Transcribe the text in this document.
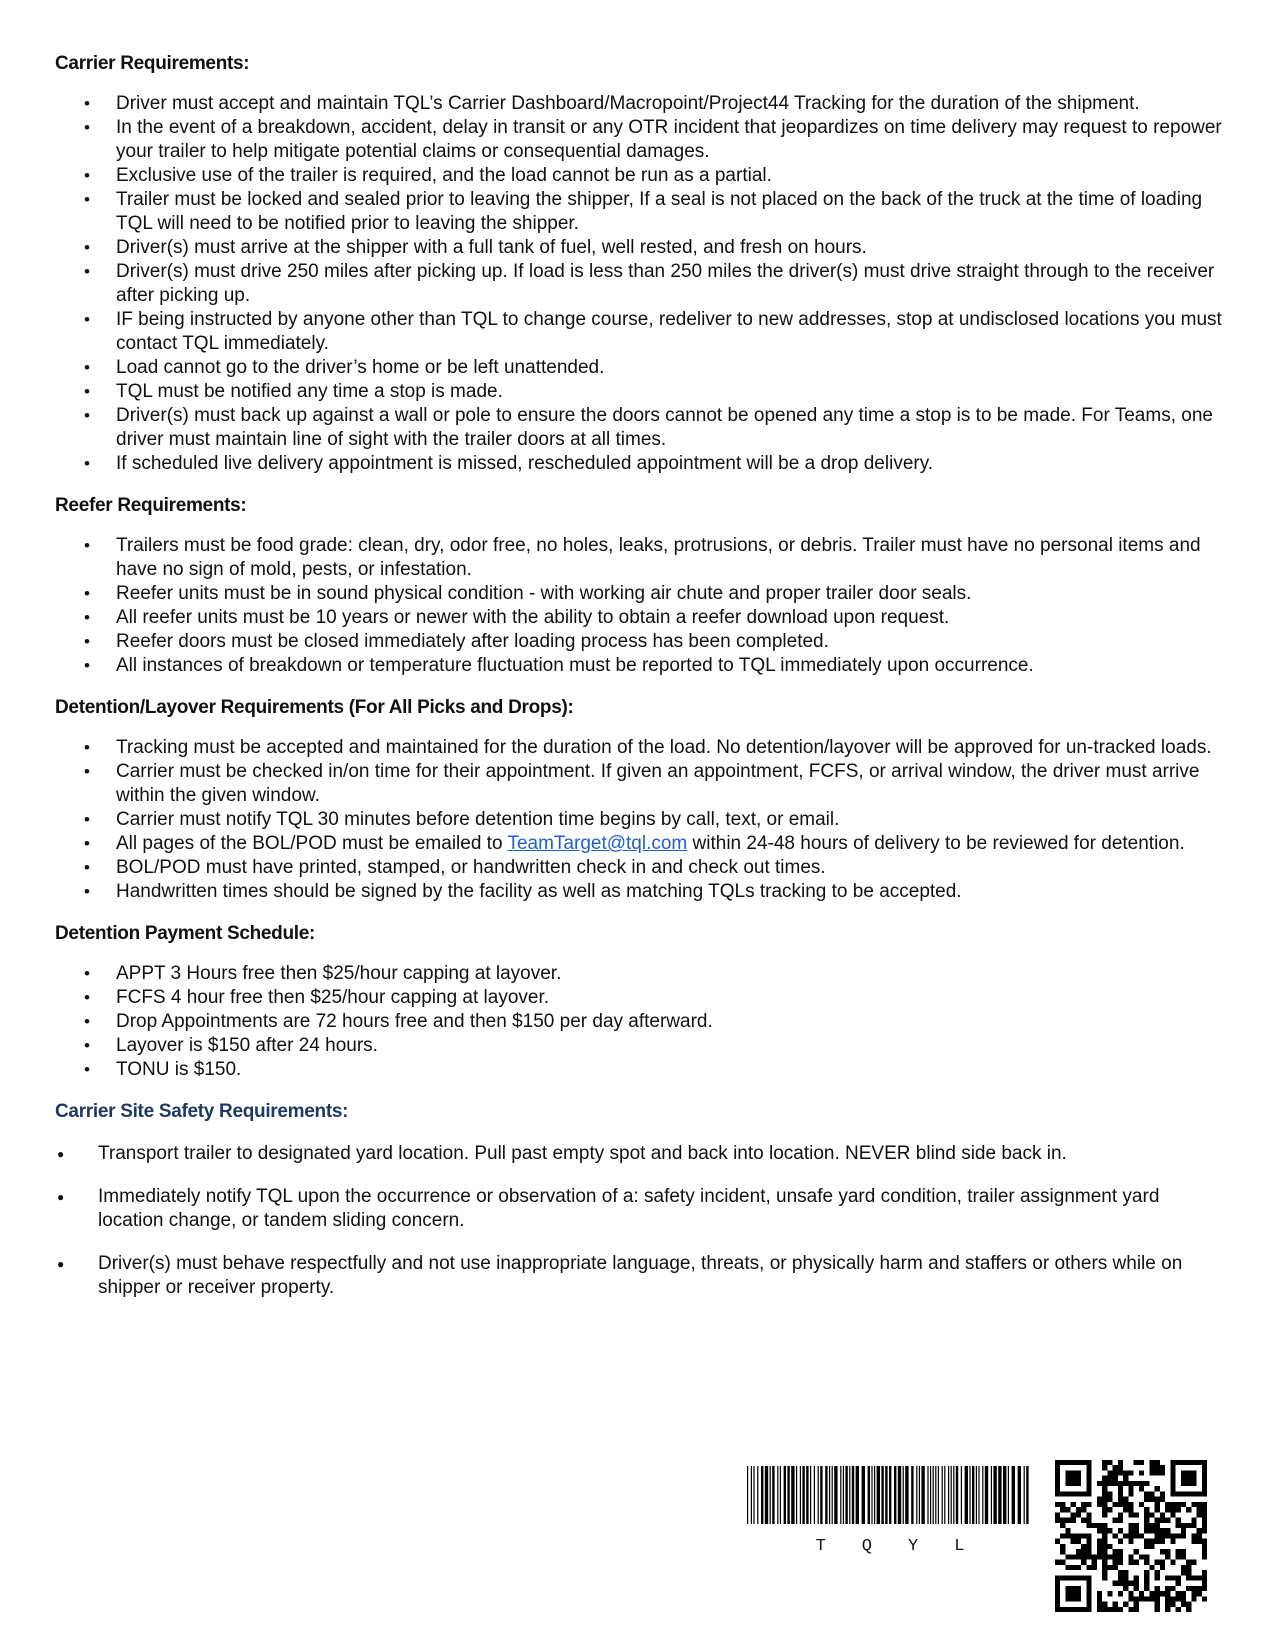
Carrier Requirements:
• Driver must accept and maintain TQL’s Carrier Dashboard/Macropoint/Project44 Tracking for the duration of the shipment.
• In the event of a breakdown, accident, delay in transit or any OTR incident that jeopardizes on time delivery may request to repower your trailer to help mitigate potential claims or consequential damages.
• Exclusive use of the trailer is required, and the load cannot be run as a partial.
• Trailer must be locked and sealed prior to leaving the shipper, If a seal is not placed on the back of the truck at the time of loading TQL will need to be notified prior to leaving the shipper.
• Driver(s) must arrive at the shipper with a full tank of fuel, well rested, and fresh on hours.
• Driver(s) must drive 250 miles after picking up. If load is less than 250 miles the driver(s) must drive straight through to the receiver after picking up.
• IF being instructed by anyone other than TQL to change course, redeliver to new addresses, stop at undisclosed locations you must contact TQL immediately.
• Load cannot go to the driver’s home or be left unattended.
• TQL must be notified any time a stop is made.
• Driver(s) must back up against a wall or pole to ensure the doors cannot be opened any time a stop is to be made. For Teams, one driver must maintain line of sight with the trailer doors at all times.
• If scheduled live delivery appointment is missed, rescheduled appointment will be a drop delivery.
Reefer Requirements:
• Trailers must be food grade: clean, dry, odor free, no holes, leaks, protrusions, or debris. Trailer must have no personal items and have no sign of mold, pests, or infestation.
• Reefer units must be in sound physical condition - with working air chute and proper trailer door seals.
• All reefer units must be 10 years or newer with the ability to obtain a reefer download upon request.
• Reefer doors must be closed immediately after loading process has been completed.
• All instances of breakdown or temperature fluctuation must be reported to TQL immediately upon occurrence.
Detention/Layover Requirements (For All Picks and Drops):
• Tracking must be accepted and maintained for the duration of the load. No detention/layover will be approved for un-tracked loads.
• Carrier must be checked in/on time for their appointment. If given an appointment, FCFS, or arrival window, the driver must arrive within the given window.
• Carrier must notify TQL 30 minutes before detention time begins by call, text, or email.
• All pages of the BOL/POD must be emailed to TeamTarget@tql.com within 24-48 hours of delivery to be reviewed for detention.
• BOL/POD must have printed, stamped, or handwritten check in and check out times.
• Handwritten times should be signed by the facility as well as matching TQLs tracking to be accepted.
Detention Payment Schedule:
• APPT 3 Hours free then $25/hour capping at layover.
• FCFS 4 hour free then $25/hour capping at layover.
• Drop Appointments are 72 hours free and then $150 per day afterward.
• Layover is $150 after 24 hours.
• TONU is $150.
Carrier Site Safety Requirements:
● Transport trailer to designated yard location. Pull past empty spot and back into location. NEVER blind side back in.
● Immediately notify TQL upon the occurrence or observation of a: safety incident, unsafe yard condition, trailer assignment yard location change, or tandem sliding concern.
● Driver(s) must behave respectfully and not use inappropriate language, threats, or physically harm and staffers or others while on shipper or receiver property.
T Q Y L
